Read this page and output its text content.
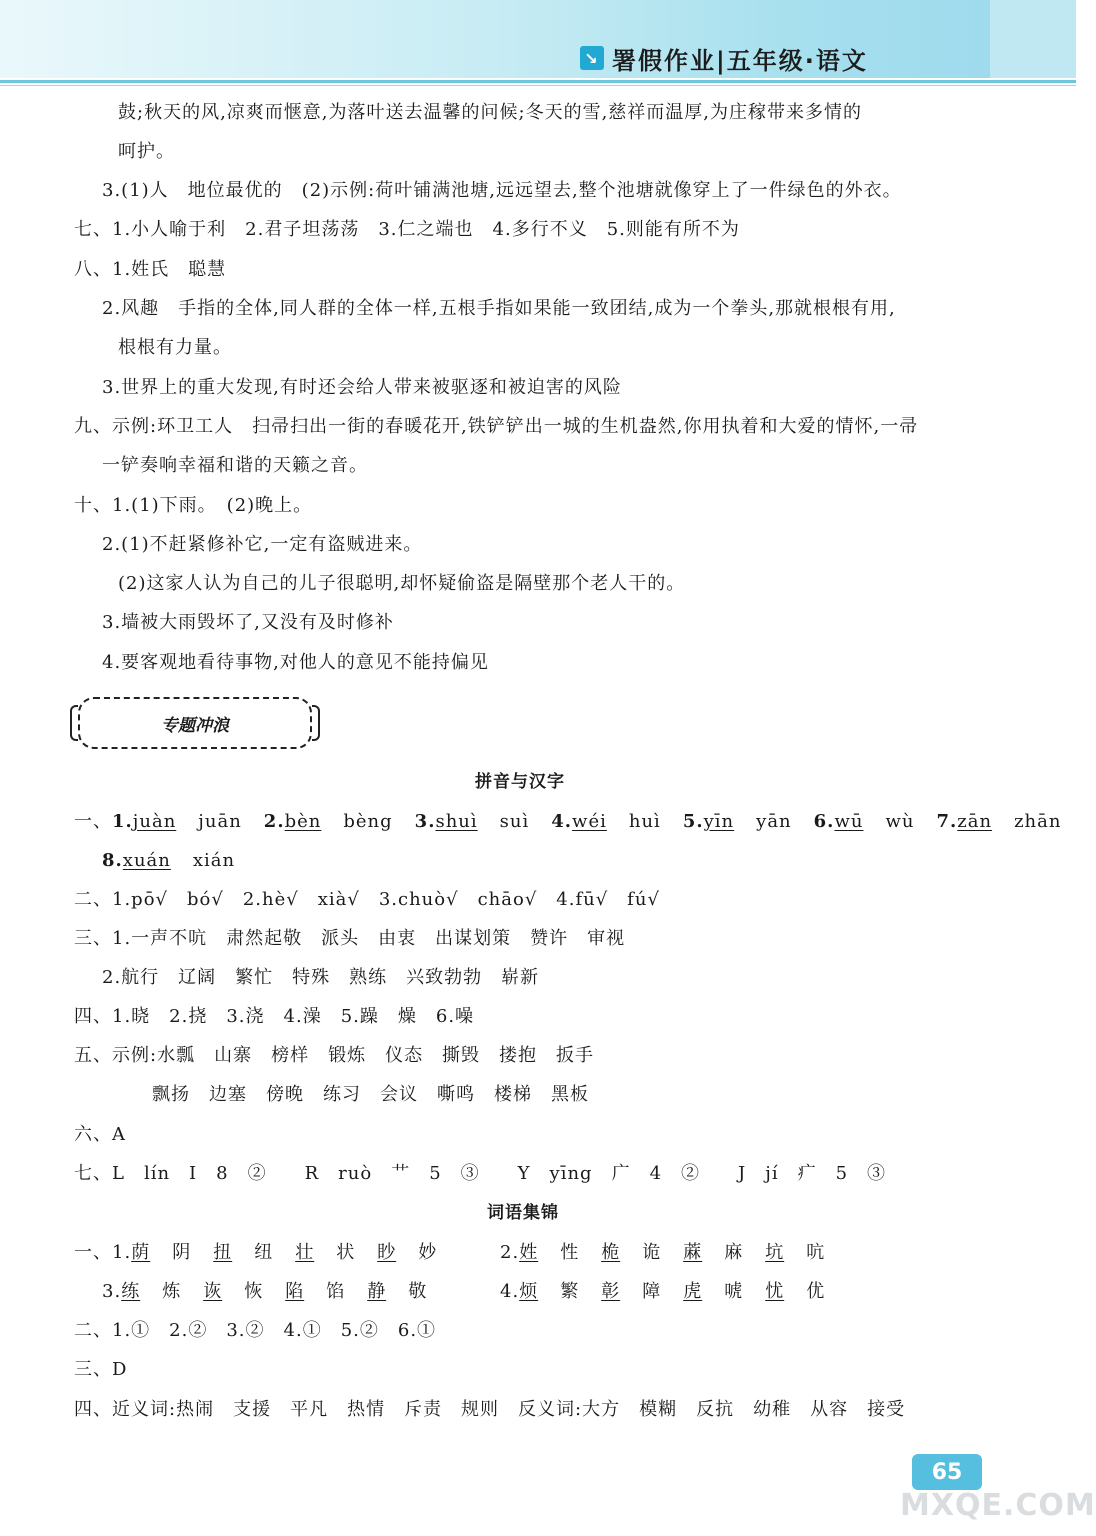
↘ 署假作业|五年级·语文
鼓;秋天的风,凉爽而惬意,为落叶送去温馨的问候;冬天的雪,慈祥而温厚,为庄稼带来多情的
呵护。
3.(1)人　地位最优的　(2)示例:荷叶铺满池塘,远远望去,整个池塘就像穿上了一件绿色的外衣。
七、1.小人喻于利　2.君子坦荡荡　3.仁之端也　4.多行不义　5.则能有所不为
八、1.姓氏　聪慧
2.风趣　手指的全体,同人群的全体一样,五根手指如果能一致团结,成为一个拳头,那就根根有用,
根根有力量。
3.世界上的重大发现,有时还会给人带来被驱逐和被迫害的风险
九、示例:环卫工人　扫帚扫出一街的春暖花开,铁铲铲出一城的生机盎然,你用执着和大爱的情怀,一帚
一铲奏响幸福和谐的天籁之音。
十、1.(1)下雨。　(2)晚上。
2.(1)不赶紧修补它,一定有盗贼进来。
(2)这家人认为自己的儿子很聪明,却怀疑偷盗是隔壁那个老人干的。
3.墙被大雨毁坏了,又没有及时修补
4.要客观地看待事物,对他人的意见不能持偏见
专题冲浪
拼音与汉字
一、1.juàn juān 2.bèn bèng 3.shuì suì 4.wéi huì 5.yīn yān 6.wū wù 7.zān zhān
8.xuán xián
二、1.pō√　bó√　2.hè√　xià√　3.chuò√　chāo√　4.fū√　fú√
三、1.一声不吭　肃然起敬　派头　由衷　出谋划策　赞许　审视
2.航行　辽阔　繁忙　特殊　熟练　兴致勃勃　崭新
四、1.晓　2.挠　3.浇　4.澡　5.躁　燥　6.噪
五、示例:水瓢　山寨　榜样　锻炼　仪态　撕毁　搂抱　扳手
飘扬　边塞　傍晚　练习　会议　嘶鸣　楼梯　黑板
六、A
七、L　lín　Ⅰ　8　②　　R　ruò　艹　5　③　　Y　yīng　广　4　②　　J　jí　疒　5　③
词语集锦
一、1.荫 阴 扭 纽 壮 状 眇 妙	2.姓 性 桅 诡 蔴 麻 坑 吭
3.练 炼 诙 恢 陷 馅 静 敬	4.烦 繁 彰 障 虎 唬 忧 优
二、1.①　2.②　3.②　4.①　5.②　6.①
三、D
四、近义词:热闹　支援　平凡　热情　斥责　规则　反义词:大方　模糊　反抗　幼稚　从容　接受
65
MXQE.COM
